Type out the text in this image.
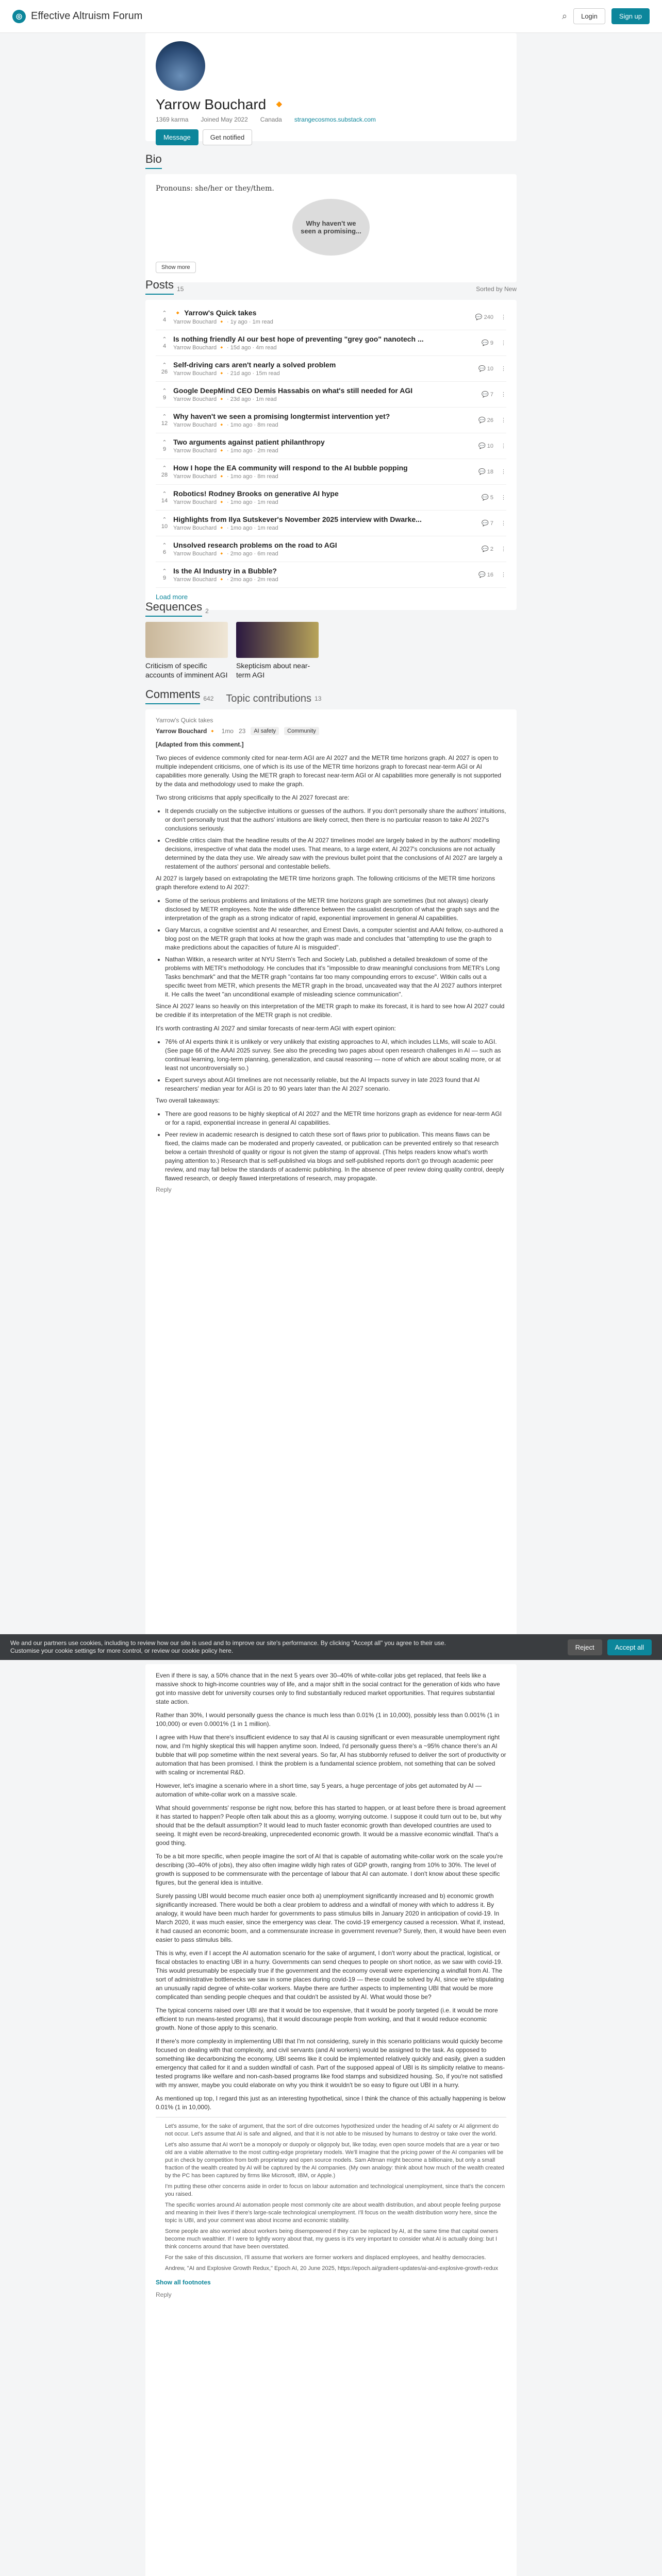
◎ Effective Altruism Forum	⌕	Login	Sign up
Yarrow Bouchard 🔸
1369 karma Joined May 2022 Canada strangecosmos.substack.com
Message	Get notified
Bio
Pronouns: she/her or they/them.
Why haven't we seen a promising...
Show more
Posts 15	Sorted by New
⌃
4
🔸 Yarrow's Quick takes
Yarrow Bouchard 🔸 · 1y ago · 1m read
💬 240 ⋮
⌃
4
Is nothing friendly AI our best hope of preventing "grey goo" nanotech ...
Yarrow Bouchard 🔸 · 15d ago · 4m read
💬 9 ⋮
⌃
26
Self-driving cars aren't nearly a solved problem
Yarrow Bouchard 🔸 · 21d ago · 15m read
💬 10 ⋮
⌃
9
Google DeepMind CEO Demis Hassabis on what's still needed for AGI
Yarrow Bouchard 🔸 · 23d ago · 1m read
💬 7 ⋮
⌃
12
Why haven't we seen a promising longtermist intervention yet?
Yarrow Bouchard 🔸 · 1mo ago · 8m read
💬 26 ⋮
⌃
9
Two arguments against patient philanthropy
Yarrow Bouchard 🔸 · 1mo ago · 2m read
💬 10 ⋮
⌃
28
How I hope the EA community will respond to the AI bubble popping
Yarrow Bouchard 🔸 · 1mo ago · 8m read
💬 18 ⋮
⌃
14
Robotics! Rodney Brooks on generative AI hype
Yarrow Bouchard 🔸 · 1mo ago · 1m read
💬 5 ⋮
⌃
10
Highlights from Ilya Sutskever's November 2025 interview with Dwarke...
Yarrow Bouchard 🔸 · 1mo ago · 1m read
💬 7 ⋮
⌃
6
Unsolved research problems on the road to AGI
Yarrow Bouchard 🔸 · 2mo ago · 6m read
💬 2 ⋮
⌃
9
Is the AI Industry in a Bubble?
Yarrow Bouchard 🔸 · 2mo ago · 2m read
💬 16 ⋮
Load more
Sequences 2
Criticism of specific accounts of imminent AGI
Skepticism about near-term AGI
Comments 642 Topic contributions 13
Yarrow's Quick takes
Yarrow Bouchard 🔸 1mo 23	AI safety	Community

[Adapted from this comment.]

Two pieces of evidence commonly cited for near-term AGI are AI 2027 and the METR time horizons graph. AI 2027 is open to multiple independent criticisms, one of which is its use of the METR time horizons graph to forecast near-term AGI or AI capabilities more generally. Using the METR graph to forecast near-term AGI or AI capabilities more generally is not supported by the data and methodology used to make the graph.

Two strong criticisms that apply specifically to the AI 2027 forecast are:

• It depends crucially on the subjective intuitions or guesses of the authors. If you don't personally share the authors' intuitions, or don't personally trust that the authors' intuitions are likely correct, then there is no particular reason to take AI 2027's conclusions seriously.
• Credible critics claim that the headline results of the AI 2027 timelines model are largely baked in by the authors' modelling decisions, irrespective of what data the model uses. That means, to a large extent, AI 2027's conclusions are not actually determined by the data they use. We already saw with the previous bullet point that the conclusions of AI 2027 are largely a restatement of the authors' personal and contestable beliefs.

AI 2027 is largely based on extrapolating the METR time horizons graph. The following criticisms of the METR time horizons graph therefore extend to AI 2027:

• Some of the serious problems and limitations of the METR time horizons graph are sometimes (but not always) clearly disclosed by METR employees. Note the wide difference between the casualist description of what the graph says and the interpretation of the graph as a strong indicator of rapid, exponential improvement in general AI capabilities.
• Gary Marcus, a cognitive scientist and AI researcher, and Ernest Davis, a computer scientist and AAAI fellow, co-authored a blog post on the METR graph that looks at how the graph was made and concludes that "attempting to use the graph to make predictions about the capacities of future AI is misguided".
• Nathan Witkin, a research writer at NYU Stern's Tech and Society Lab, published a detailed breakdown of some of the problems with METR's methodology. He concludes that it's "impossible to draw meaningful conclusions from METR's Long Tasks benchmark" and that the METR graph "contains far too many compounding errors to excuse". Witkin calls out a specific tweet from METR, which presents the METR graph in the broad, uncaveated way that the AI 2027 authors interpret it. He calls the tweet "an unconditional example of misleading science communication".

Since AI 2027 leans so heavily on this interpretation of the METR graph to make its forecast, it is hard to see how AI 2027 could be credible if its interpretation of the METR graph is not credible.

It's worth contrasting AI 2027 and similar forecasts of near-term AGI with expert opinion:

• 76% of AI experts think it is unlikely or very unlikely that existing approaches to AI, which includes LLMs, will scale to AGI. (See page 66 of the AAAI 2025 survey. See also the preceding two pages about open research challenges in AI — such as continual learning, long-term planning, generalization, and causal reasoning — none of which are about scaling more, or at least not uncontroversially so.)
• Expert surveys about AGI timelines are not necessarily reliable, but the AI Impacts survey in late 2023 found that AI researchers' median year for AGI is 20 to 90 years later than the AI 2027 scenario.

Two overall takeaways:

• There are good reasons to be highly skeptical of AI 2027 and the METR time horizons graph as evidence for near-term AGI or for a rapid, exponential increase in general AI capabilities.
• Peer review in academic research is designed to catch these sort of flaws prior to publication. This means flaws can be fixed, the claims made can be moderated and properly caveated, or publication can be prevented entirely so that research below a certain threshold of quality or rigour is not given the stamp of approval. (This helps readers know what's worth paying attention to.) Research that is self-published via blogs and self-published reports don't go through academic peer review, and may fall below the standards of academic publishing. In the absence of peer review doing quality control, deeply flawed research, or deeply flawed interpretations of research, may propagate.
Reply
We and our partners use cookies, including to review how our site is used and to improve our site's performance. By clicking "Accept all" you agree to their use. Customise your cookie settings for more control, or review our cookie policy here.	Reject	Accept all

Even if there is say, a 50% chance that in the next 5 years over 30–40% of white-collar jobs get replaced, that feels like a massive shock to high-income countries way of life, and a major shift in the social contract for the generation of kids who have got into massive debt for university courses only to find substantially reduced market opportunities. That requires substantial state action.

Rather than 30%, I would personally guess the chance is much less than 0.01% (1 in 10,000), possibly less than 0.001% (1 in 100,000) or even 0.0001% (1 in 1 million).

I agree with Huw that there's insufficient evidence to say that AI is causing significant or even measurable unemployment right now, and I'm highly skeptical this will happen anytime soon. Indeed, I'd personally guess there's a ~95% chance there's an AI bubble that will pop sometime within the next several years. So far, AI has stubbornly refused to deliver the sort of productivity or automation that has been promised. I think the problem is a fundamental science problem, not something that can be solved with scaling or incremental R&D.

However, let's imagine a scenario where in a short time, say 5 years, a huge percentage of jobs get automated by AI — automation of white-collar work on a massive scale.

What should governments' response be right now, before this has started to happen, or at least before there is broad agreement it has started to happen? People often talk about this as a gloomy, worrying outcome. I suppose it could turn out to be, but why should that be the default assumption? It would lead to much faster economic growth than developed countries are used to seeing. It might even be record-breaking, unprecedented economic growth. It would be a massive economic windfall. That's a good thing.

To be a bit more specific, when people imagine the sort of AI that is capable of automating white-collar work on the scale you're describing (30–40% of jobs), they also often imagine wildly high rates of GDP growth, ranging from 10% to 30%. The level of growth is supposed to be commensurate with the percentage of labour that AI can automate. I don't know about these specific figures, but the general idea is intuitive.

Surely passing UBI would become much easier once both a) unemployment significantly increased and b) economic growth significantly increased. There would be both a clear problem to address and a windfall of money with which to address it. By analogy, it would have been much harder for governments to pass stimulus bills in January 2020 in anticipation of covid-19. In March 2020, it was much easier, since the emergency was clear. The covid-19 emergency caused a recession. What if, instead, it had caused an economic boom, and a commensurate increase in government revenue? Surely, then, it would have been even easier to pass stimulus bills.

This is why, even if I accept the AI automation scenario for the sake of argument, I don't worry about the practical, logistical, or fiscal obstacles to enacting UBI in a hurry. Governments can send cheques to people on short notice, as we saw with covid-19. This would presumably be especially true if the government and the economy overall were experiencing a windfall from AI. The sort of administrative bottlenecks we saw in some places during covid-19 — these could be solved by AI, since we're stipulating an unusually rapid degree of white-collar workers. Maybe there are further aspects to implementing UBI that would be more complicated than sending people cheques and that couldn't be assisted by AI. What would those be?

The typical concerns raised over UBI are that it would be too expensive, that it would be poorly targeted (i.e. it would be more efficient to run means-tested programs), that it would discourage people from working, and that it would reduce economic growth. None of those apply to this scenario.

If there's more complexity in implementing UBI that I'm not considering, surely in this scenario politicians would quickly become focused on dealing with that complexity, and civil servants (and AI workers) would be assigned to the task. As opposed to something like decarbonizing the economy, UBI seems like it could be implemented relatively quickly and easily, given a sudden emergency that called for it and a sudden windfall of cash. Part of the supposed appeal of UBI is its simplicity relative to means-tested programs like welfare and non-cash-based programs like food stamps and subsidized housing. So, if you're not satisfied with my answer, maybe you could elaborate on why you think it wouldn't be so easy to figure out UBI in a hurry.

As mentioned up top, I regard this just as an interesting hypothetical, since I think the chance of this actually happening is below 0.01% (1 in 10,000).

Let's assume, for the sake of argument, that the sort of dire outcomes hypothesized under the heading of AI safety or AI alignment do not occur. Let's assume that AI is safe and aligned, and that it is not able to be misused by humans to destroy or take over the world.

Let's also assume that AI won't be a monopoly or duopoly or oligopoly but, like today, even open source models that are a year or two old are a viable alternative to the most cutting-edge proprietary models. We'll imagine that the pricing power of the AI companies will be put in check by competition from both proprietary and open source models. Sam Altman might become a billionaire, but only a small fraction of the wealth created by AI will be captured by the AI companies. (My own analogy: think about how much of the wealth created by the PC has been captured by firms like Microsoft, IBM, or Apple.)

I'm putting these other concerns aside in order to focus on labour automation and technological unemployment, since that's the concern you raised.

The specific worries around AI automation people most commonly cite are about wealth distribution, and about people feeling purpose and meaning in their lives if there's large-scale technological unemployment. I'll focus on the wealth distribution worry here, since the topic is UBI, and your comment was about income and economic stability.

Some people are also worried about workers being disempowered if they can be replaced by AI, at the same time that capital owners become much wealthier. If I were to lightly worry about that, my guess is it's very important to consider what AI is actually doing: but I think concerns around that have been overstated.

For the sake of this discussion, I'll assume that workers are former workers and displaced employees, and healthy democracies.

Andrew, "AI and Explosive Growth Redux," Epoch AI, 20 June 2025, https://epoch.ai/gradient-updates/ai-and-explosive-growth-redux

Show all footnotes
Reply
